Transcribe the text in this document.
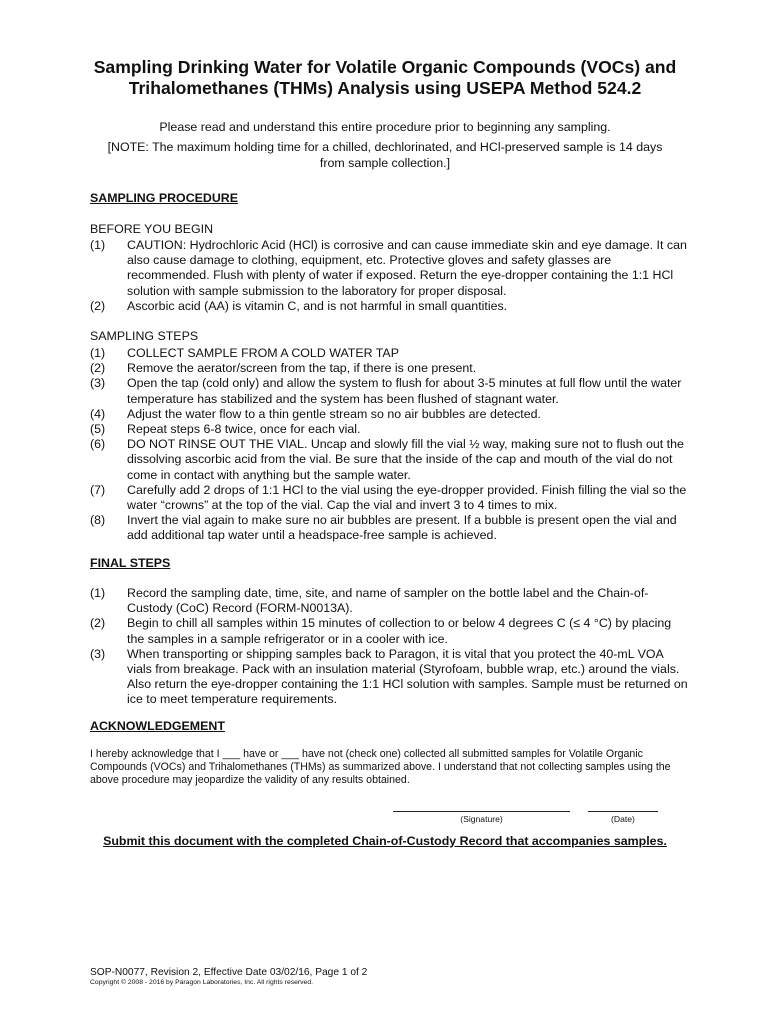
Sampling Drinking Water for Volatile Organic Compounds (VOCs) and
Trihalomethanes (THMs) Analysis using USEPA Method 524.2
Please read and understand this entire procedure prior to beginning any sampling.
[NOTE: The maximum holding time for a chilled, dechlorinated, and HCl-preserved sample is 14 days
from sample collection.]
SAMPLING PROCEDURE
BEFORE YOU BEGIN
(1) CAUTION: Hydrochloric Acid (HCl) is corrosive and can cause immediate skin and eye damage. It can also cause damage to clothing, equipment, etc. Protective gloves and safety glasses are recommended. Flush with plenty of water if exposed. Return the eye-dropper containing the 1:1 HCl solution with sample submission to the laboratory for proper disposal.
(2) Ascorbic acid (AA) is vitamin C, and is not harmful in small quantities.
SAMPLING STEPS
(1) COLLECT SAMPLE FROM A COLD WATER TAP
(2) Remove the aerator/screen from the tap, if there is one present.
(3) Open the tap (cold only) and allow the system to flush for about 3-5 minutes at full flow until the water temperature has stabilized and the system has been flushed of stagnant water.
(4) Adjust the water flow to a thin gentle stream so no air bubbles are detected.
(5) Repeat steps 6-8 twice, once for each vial.
(6) DO NOT RINSE OUT THE VIAL. Uncap and slowly fill the vial ½ way, making sure not to flush out the dissolving ascorbic acid from the vial. Be sure that the inside of the cap and mouth of the vial do not come in contact with anything but the sample water.
(7) Carefully add 2 drops of 1:1 HCl to the vial using the eye-dropper provided. Finish filling the vial so the water “crowns” at the top of the vial. Cap the vial and invert 3 to 4 times to mix.
(8) Invert the vial again to make sure no air bubbles are present. If a bubble is present open the vial and add additional tap water until a headspace-free sample is achieved.
FINAL STEPS
(1) Record the sampling date, time, site, and name of sampler on the bottle label and the Chain-of-Custody (CoC) Record (FORM-N0013A).
(2) Begin to chill all samples within 15 minutes of collection to or below 4 degrees C (≤ 4 °C) by placing the samples in a sample refrigerator or in a cooler with ice.
(3) When transporting or shipping samples back to Paragon, it is vital that you protect the 40-mL VOA vials from breakage. Pack with an insulation material (Styrofoam, bubble wrap, etc.) around the vials. Also return the eye-dropper containing the 1:1 HCl solution with samples. Sample must be returned on ice to meet temperature requirements.
ACKNOWLEDGEMENT
I hereby acknowledge that I ___ have or ___ have not (check one) collected all submitted samples for Volatile Organic Compounds (VOCs) and Trihalomethanes (THMs) as summarized above. I understand that not collecting samples using the above procedure may jeopardize the validity of any results obtained.
(Signature)	(Date)
Submit this document with the completed Chain-of-Custody Record that accompanies samples.
SOP-N0077, Revision 2, Effective Date 03/02/16, Page 1 of 2
Copyright © 2008 - 2016 by Paragon Laboratories, Inc. All rights reserved.
